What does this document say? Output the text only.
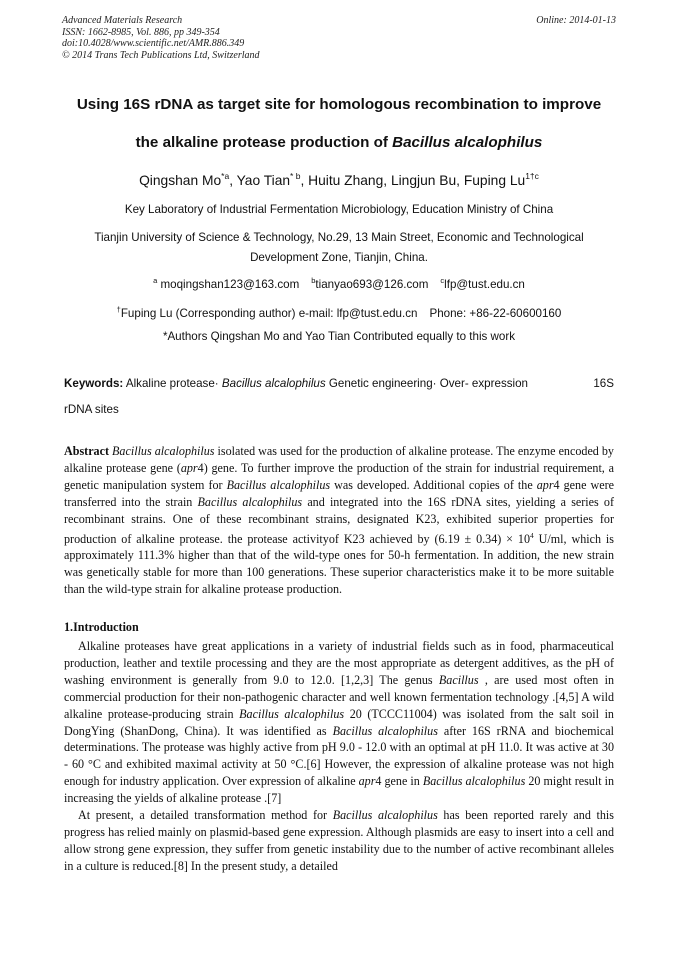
Advanced Materials Research
ISSN: 1662-8985, Vol. 886, pp 349-354
doi:10.4028/www.scientific.net/AMR.886.349
© 2014 Trans Tech Publications Ltd, Switzerland
Online: 2014-01-13
Using 16S rDNA as target site for homologous recombination to improve
the alkaline protease production of Bacillus alcalophilus
Qingshan Mo$^{*a}$, Yao Tian$^{* b}$, Huitu Zhang, Lingjun Bu, Fuping $Lu^{1\dagger c}$
Key Laboratory of Industrial Fermentation Microbiology, Education Ministry of China
Tianjin University of Science & Technology, No.29, 13 Main Street, Economic and Technological
Development Zone, Tianjin, China.
$^a$ moqingshan123@163.com $^b$tianyao693@126.com $^c$lfp@tust.edu.cn
†Fuping Lu (Corresponding author) e-mail: lfp@tust.edu.cn Phone: +86-22-60600160
*Authors Qingshan Mo and Yao Tian Contributed equally to this work
Keywords: Alkaline protease· Bacillus alcalophilus Genetic engineering· Over- expression	16S
rDNA sites

Abstract Bacillus alcalophilus isolated was used for the production of alkaline protease. The enzyme encoded by alkaline protease gene (apr4) gene. To further improve the production of the strain for industrial requirement, a genetic manipulation system for Bacillus alcalophilus was developed. Additional copies of the apr4 gene were transferred into the strain Bacillus alcalophilus and integrated into the 16S rDNA sites, yielding a series of recombinant strains. One of these recombinant strains, designated K23, exhibited superior properties for production of alkaline protease. the protease activityof K23 achieved by $(6.19 \pm 0.34) \times 10^4$ U/ml, which is approximately 111.3% higher than that of the wild-type ones for 50-h fermentation. In addition, the new strain was genetically stable for more than 100 generations. These superior characteristics make it to be more suitable than the wild-type strain for alkaline protease production.

1.Introduction

Alkaline proteases have great applications in a variety of industrial fields such as in food, pharmaceutical production, leather and textile processing and they are the most appropriate as detergent additives, as the pH of washing environment is generally from 9.0 to 12.0. [1,2,3] The genus Bacillus , are used most often in commercial production for their non-pathogenic character and well known fermentation technology .[4,5] A wild alkaline protease-producing strain Bacillus alcalophilus 20 (TCCC11004) was isolated from the salt soil in DongYing (ShanDong, China). It was identified as Bacillus alcalophilus after 16S rRNA and biochemical determinations. The protease was highly active from pH 9.0 - 12.0 with an optimal at pH 11.0. It was active at 30 - 60 °C and exhibited maximal activity at 50 °C.[6] However, the expression of alkaline protease was not high enough for industry application. Over expression of alkaline apr4 gene in Bacillus alcalophilus 20 might result in increasing the yields of alkaline protease .[7]

At present, a detailed transformation method for Bacillus alcalophilus has been reported rarely and this progress has relied mainly on plasmid-based gene expression. Although plasmids are easy to insert into a cell and allow strong gene expression, they suffer from genetic instability due to the number of active recombinant alleles in a culture is reduced.[8] In the present study, a detailed
